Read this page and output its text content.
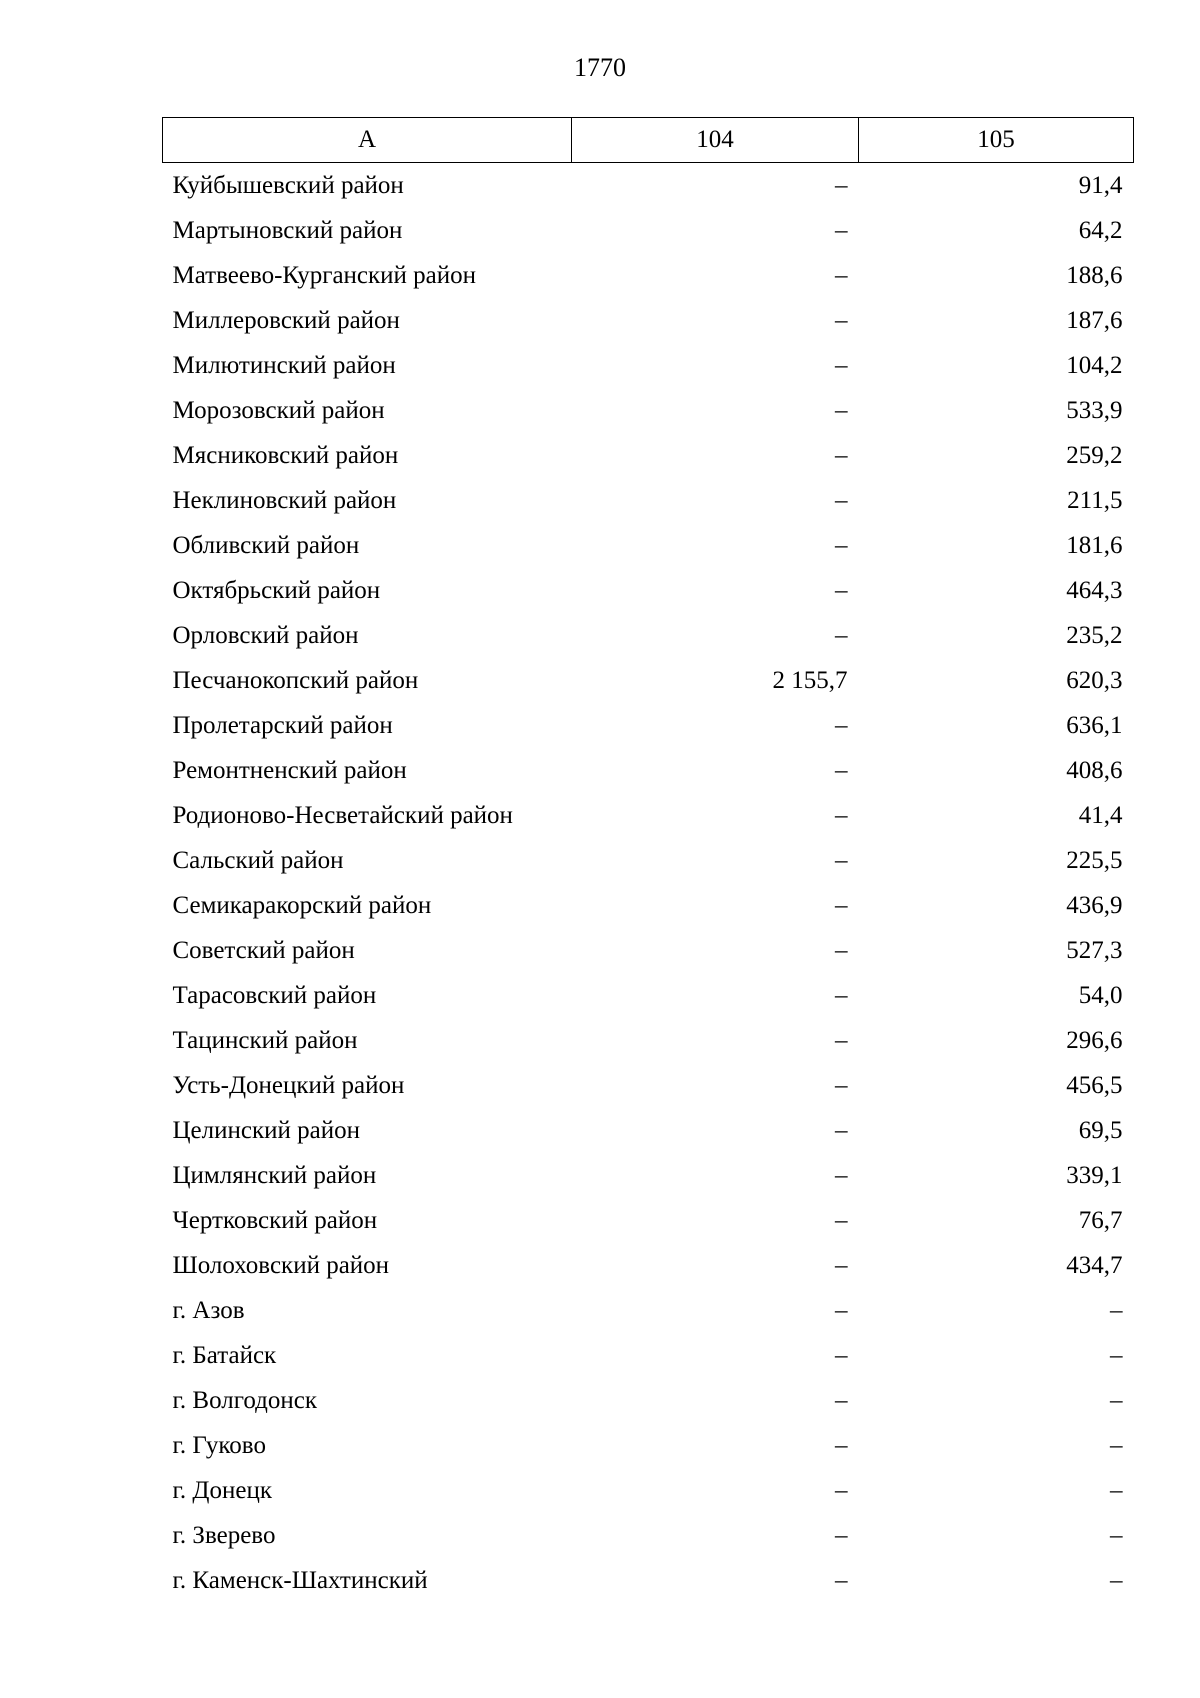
1770
А	104	105
Куйбышевский район	–	91,4
Мартыновский район	–	64,2
Матвеево-Курганский район	–	188,6
Миллеровский район	–	187,6
Милютинский район	–	104,2
Морозовский район	–	533,9
Мясниковский район	–	259,2
Неклиновский район	–	211,5
Обливский район	–	181,6
Октябрьский район	–	464,3
Орловский район	–	235,2
Песчанокопский район	2 155,7	620,3
Пролетарский район	–	636,1
Ремонтненский район	–	408,6
Родионово-Несветайский район	–	41,4
Сальский район	–	225,5
Семикаракорский район	–	436,9
Советский район	–	527,3
Тарасовский район	–	54,0
Тацинский район	–	296,6
Усть-Донецкий район	–	456,5
Целинский район	–	69,5
Цимлянский район	–	339,1
Чертковский район	–	76,7
Шолоховский район	–	434,7
г. Азов	–	–
г. Батайск	–	–
г. Волгодонск	–	–
г. Гуково	–	–
г. Донецк	–	–
г. Зверево	–	–
г. Каменск-Шахтинский	–	–
